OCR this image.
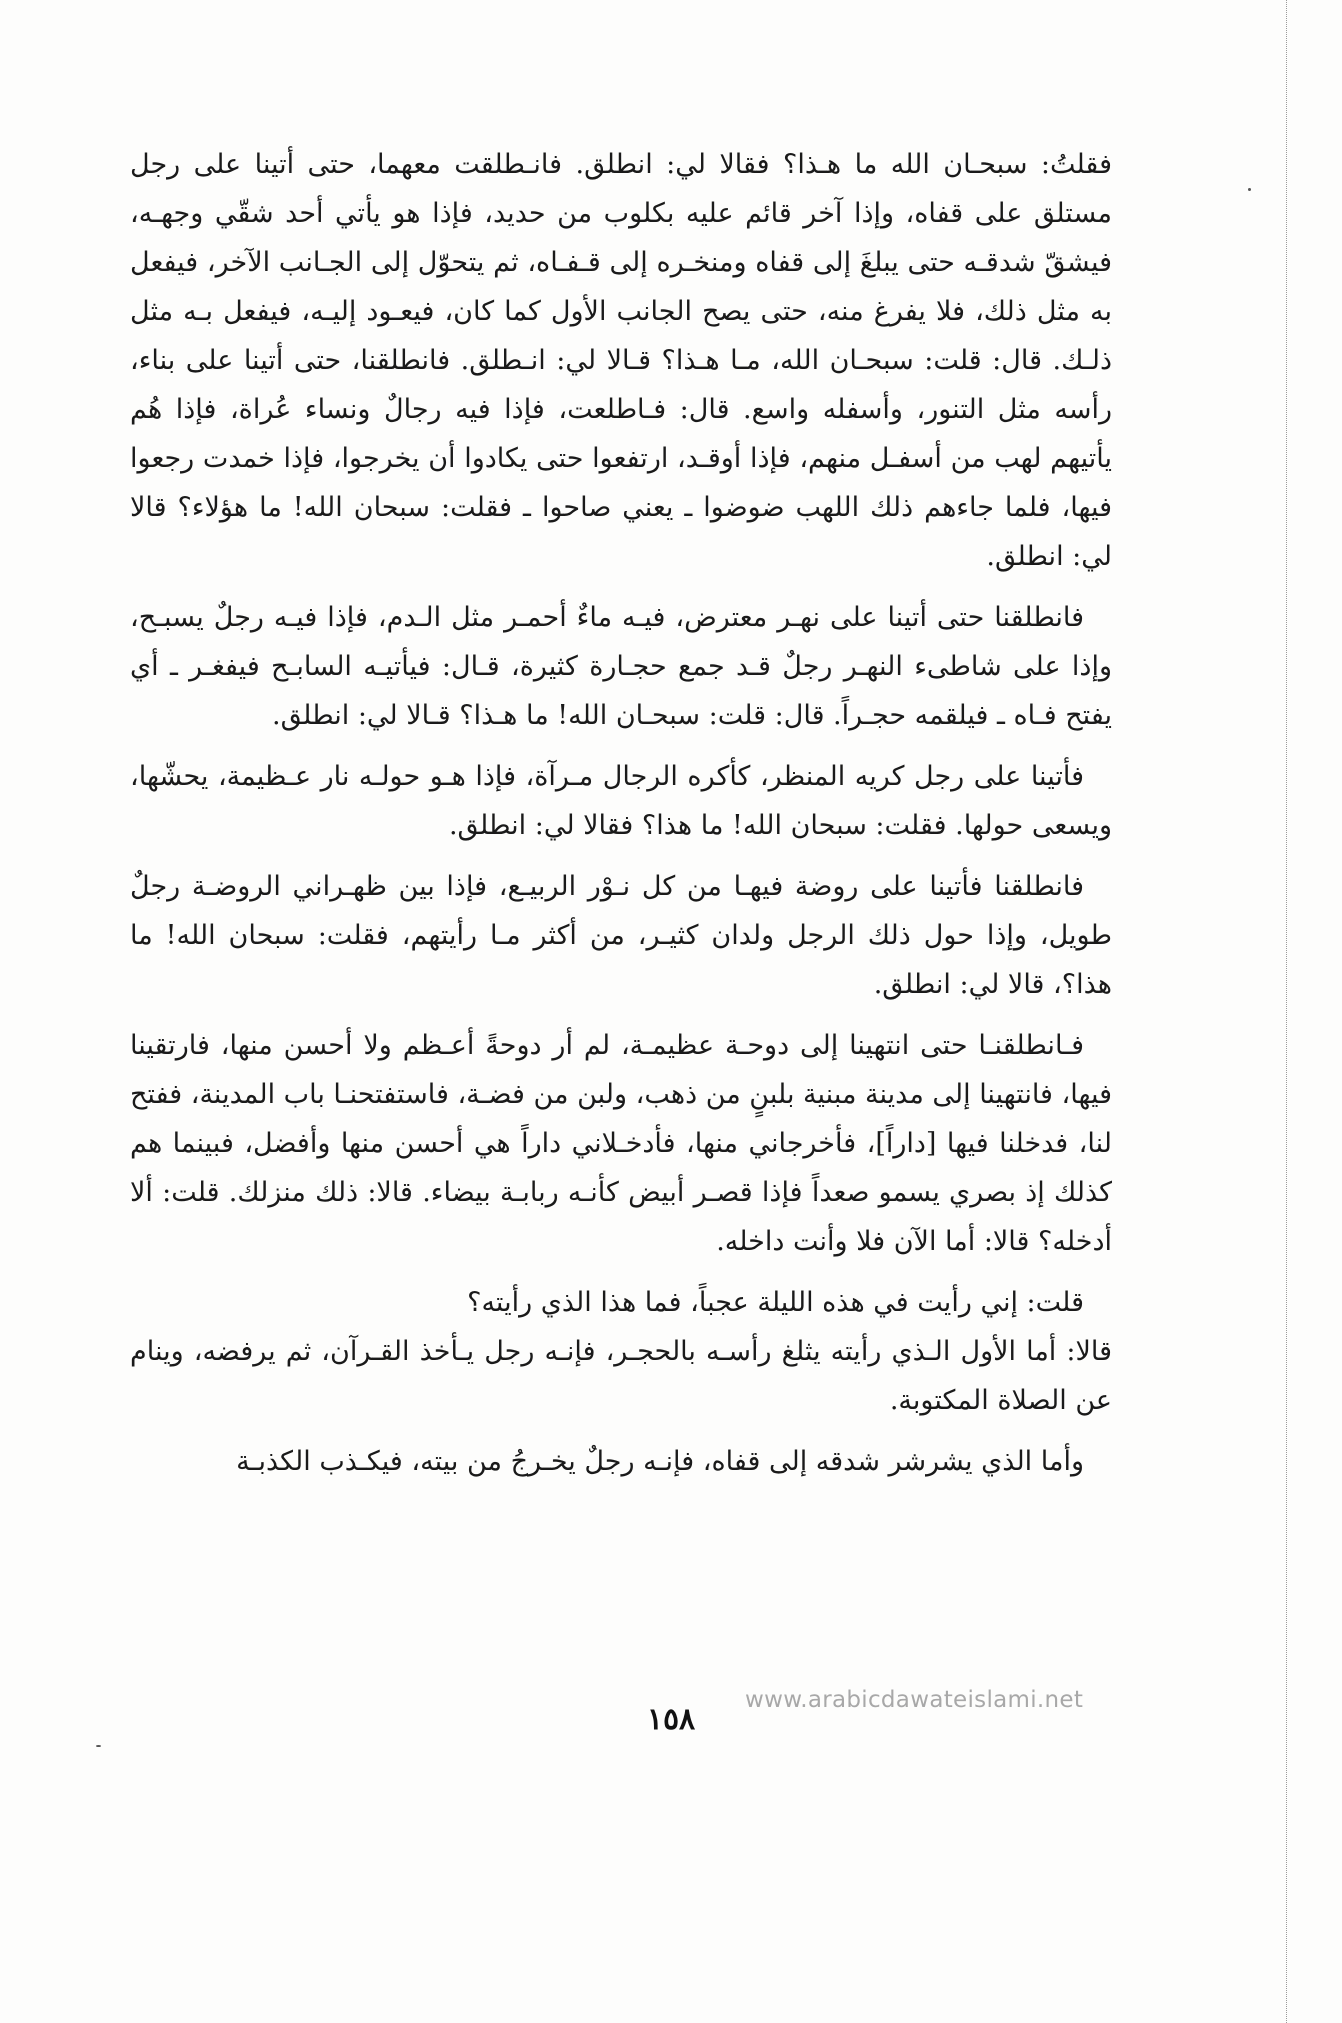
فقلتُ: سبحـان الله ما هـذا؟ فقالا لي: انطلق. فانـطلقت معهما، حتى أتينا على رجل مستلق على قفاه، وإذا آخر قائم عليه بكلوب من حديد، فإذا هو يأتي أحد شقّي وجهـه، فيشقّ شدقـه حتى يبلغَ إلى قفاه ومنخـره إلى قـفـاه، ثم يتحوّل إلى الجـانب الآخر، فيفعل به مثل ذلك، فلا يفرغ منه، حتى يصح الجانب الأول كما كان، فيعـود إليـه، فيفعل بـه مثل ذلـك. قال: قلت: سبحـان الله، مـا هـذا؟ قـالا لي: انـطلق. فانطلقنا، حتى أتينا على بناء، رأسه مثل التنور، وأسفله واسع. قال: فـاطلعت، فإذا فيه رجالٌ ونساء عُراة، فإذا هُم يأتيهم لهب من أسفـل منهم، فإذا أوقـد، ارتفعوا حتى يكادوا أن يخرجوا، فإذا خمدت رجعوا فيها، فلما جاءهم ذلك اللهب ضوضوا ـ يعني صاحوا ـ فقلت: سبحان الله! ما هؤلاء؟ قالا لي: انطلق.

فانطلقنا حتى أتينا على نهـر معترض، فيـه ماءٌ أحمـر مثل الـدم، فإذا فيـه رجلٌ يسبـح، وإذا على شاطىء النهـر رجلٌ قـد جمع حجـارة كثيرة، قـال: فيأتيـه السابـح فيفغـر ـ أي يفتح فـاه ـ فيلقمه حجـراً. قال: قلت: سبحـان الله! ما هـذا؟ قـالا لي: انطلق.

فأتينا على رجل كريه المنظر، كأكره الرجال مـرآة، فإذا هـو حولـه نار عـظيمة، يحشّها، ويسعى حولها. فقلت: سبحان الله! ما هذا؟ فقالا لي: انطلق.

فانطلقنا فأتينا على روضة فيهـا من كل نـوْر الربيـع، فإذا بين ظهـراني الروضـة رجلٌ طويل، وإذا حول ذلك الرجل ولدان كثيـر، من أكثر مـا رأيتهم، فقلت: سبحان الله! ما هذا؟، قالا لي: انطلق.

فـانطلقنـا حتى انتهينا إلى دوحـة عظيمـة، لم أر دوحةً أعـظم ولا أحسن منها، فارتقينا فيها، فانتهينا إلى مدينة مبنية بلبنٍ من ذهب، ولبن من فضـة، فاستفتحنـا باب المدينة، ففتح لنا، فدخلنا فيها [داراً]، فأخرجاني منها، فأدخـلاني داراً هي أحسن منها وأفضل، فبينما هم كذلك إذ بصري يسمو صعداً فإذا قصـر أبيض كأنـه ربابـة بيضاء. قالا: ذلك منزلك. قلت: ألا أدخله؟ قالا: أما الآن فلا وأنت داخله.

قلت: إني رأيت في هذه الليلة عجباً، فما هذا الذي رأيته؟

قالا: أما الأول الـذي رأيته يثلغ رأسـه بالحجـر، فإنـه رجل يـأخذ القـرآن، ثم يرفضه، وينام عن الصلاة المكتوبة.

وأما الذي يشرشر شدقه إلى قفاه، فإنـه رجلٌ يخـرجُ من بيته، فيكـذب الكذبـة

www.arabicdawateislami.net
١٥٨
